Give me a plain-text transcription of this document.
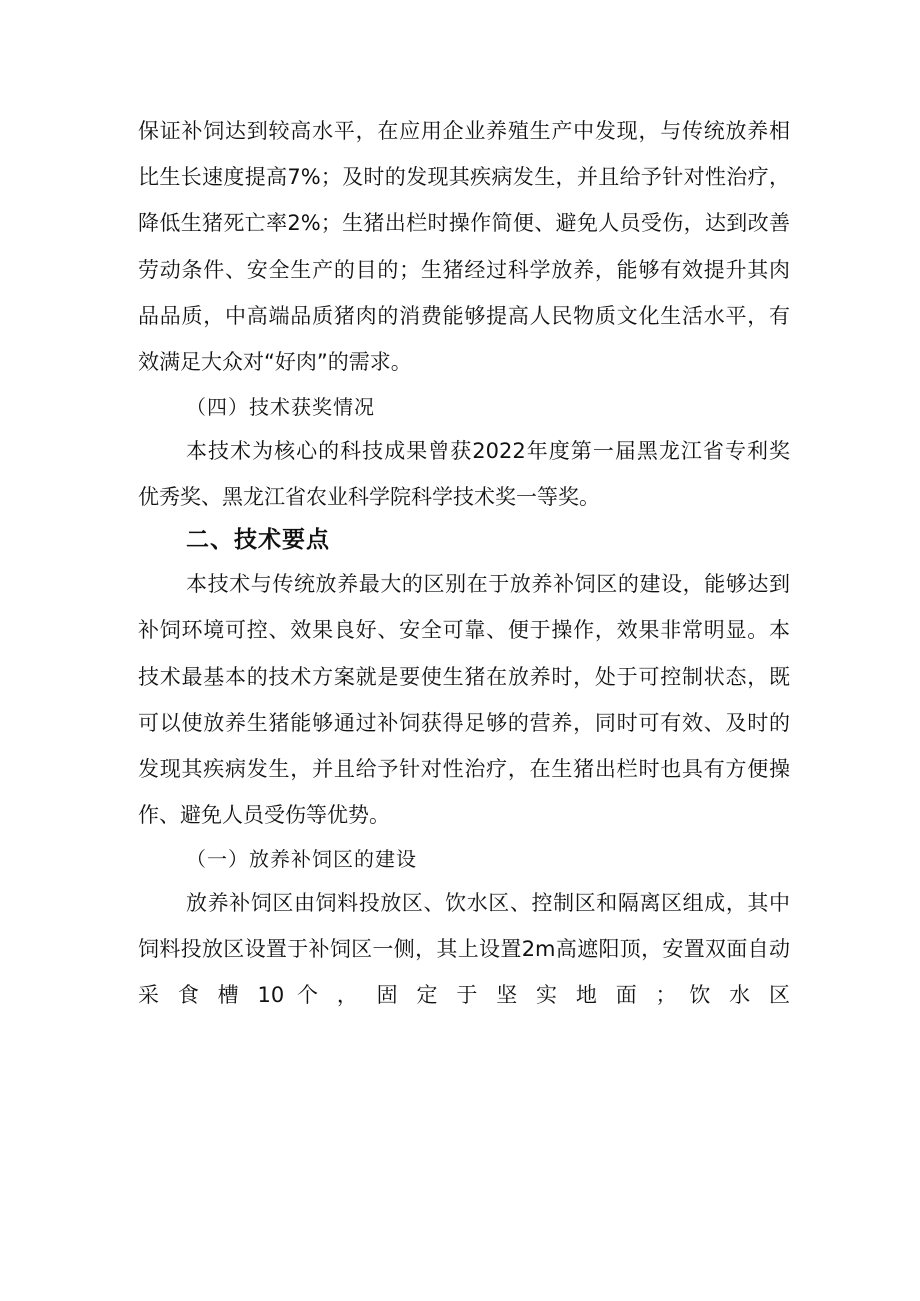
保证补饲达到较高水平，在应用企业养殖生产中发现，与传统放养相
比生长速度提高7%；及时的发现其疾病发生，并且给予针对性治疗，
降低生猪死亡率2%；生猪出栏时操作简便、避免人员受伤，达到改善
劳动条件、安全生产的目的；生猪经过科学放养，能够有效提升其肉
品品质，中高端品质猪肉的消费能够提高人民物质文化生活水平，有
效满足大众对“好肉”的需求。
（四）技术获奖情况
本技术为核心的科技成果曾获2022年度第一届黑龙江省专利奖
优秀奖、黑龙江省农业科学院科学技术奖一等奖。
二、技术要点
本技术与传统放养最大的区别在于放养补饲区的建设，能够达到
补饲环境可控、效果良好、安全可靠、便于操作，效果非常明显。本
技术最基本的技术方案就是要使生猪在放养时，处于可控制状态，既
可以使放养生猪能够通过补饲获得足够的营养，同时可有效、及时的
发现其疾病发生，并且给予针对性治疗，在生猪出栏时也具有方便操
作、避免人员受伤等优势。
（一）放养补饲区的建设
放养补饲区由饲料投放区、饮水区、控制区和隔离区组成，其中
饲料投放区设置于补饲区一侧，其上设置2m高遮阳顶，安置双面自动
采 食 槽 10 个 ， 固 定 于 坚 实 地 面 ； 饮 水 区
